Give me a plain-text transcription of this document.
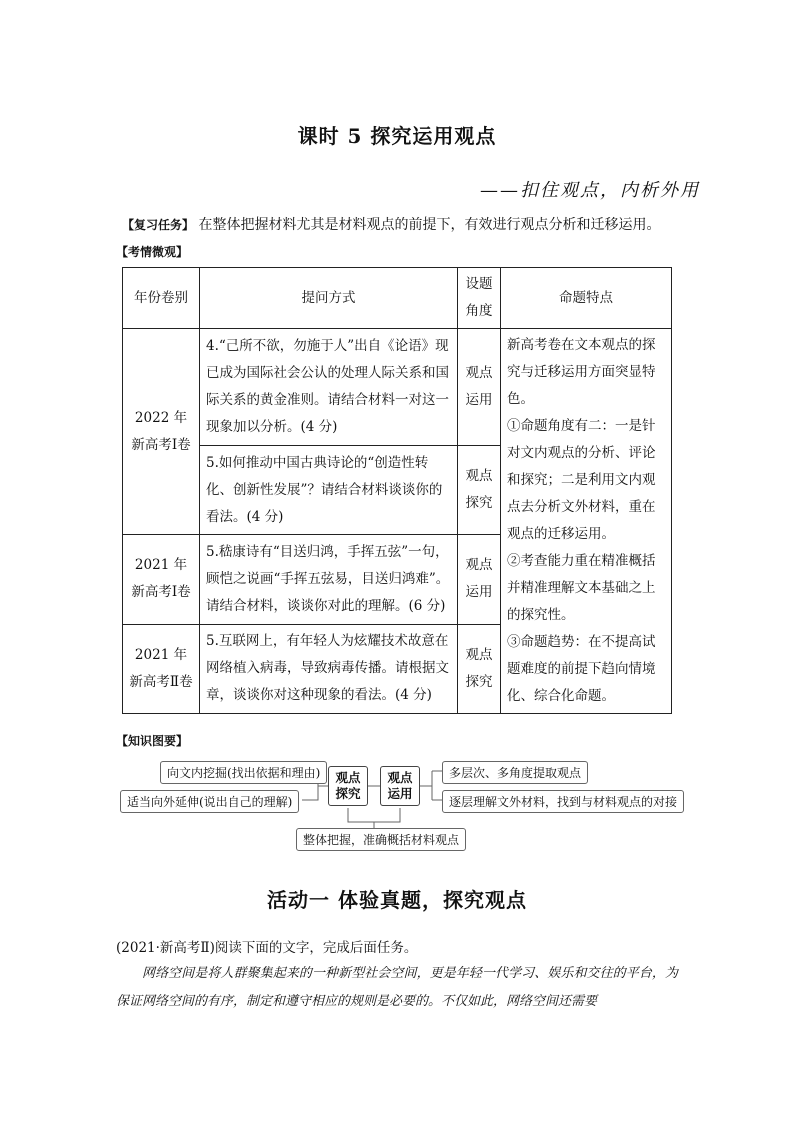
课时 5 探究运用观点
——扣住观点，内析外用
【复习任务】 在整体把握材料尤其是材料观点的前提下，有效进行观点分析和迁移运用。
【考情微观】
年份卷别	提问方式	设题角度	命题特点
2022 年新高考Ⅰ卷	4.“己所不欲，勿施于人”出自《论语》现已成为国际社会公认的处理人际关系和国际关系的黄金准则。请结合材料一对这一现象加以分析。(4 分)	观点运用	新高考卷在文本观点的探究与迁移运用方面突显特色。
①命题角度有二：一是针对文内观点的分析、评论和探究；二是利用文内观点去分析文外材料，重在观点的迁移运用。
②考查能力重在精准概括并精准理解文本基础之上的探究性。
③命题趋势：在不提高试题难度的前提下趋向情境化、综合化命题。

	5.如何推动中国古典诗论的“创造性转化、创新性发展”？请结合材料谈谈你的看法。(4 分)	观点探究	
2021 年新高考Ⅰ卷	5.嵇康诗有“目送归鸿，手挥五弦”一句，顾恺之说画“手挥五弦易，目送归鸿难”。请结合材料，谈谈你对此的理解。(6 分)	观点运用	
2021 年新高考Ⅱ卷	5.互联网上，有年轻人为炫耀技术故意在网络植入病毒，导致病毒传播。请根据文章，谈谈你对这种现象的看法。(4 分)	观点探究	
【知识图要】
向文内挖掘(找出依据和理由)
适当向外延伸(说出自己的理解)
观点探究
观点运用
多层次、多角度提取观点
逐层理解文外材料，找到与材料观点的对接
整体把握，准确概括材料观点
活动一 体验真题，探究观点
(2021·新高考Ⅱ)阅读下面的文字，完成后面任务。
网络空间是将人群聚集起来的一种新型社会空间，更是年轻一代学习、娱乐和交往的平台，为保证网络空间的有序，制定和遵守相应的规则是必要的。不仅如此，网络空间还需要
